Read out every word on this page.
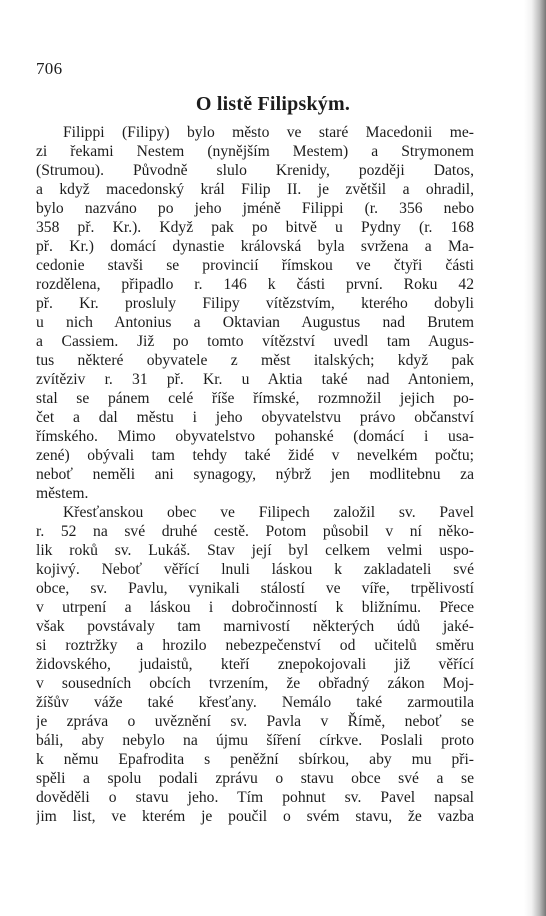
706
O listě Filipským.
Filippi (Filipy) bylo město ve staré Macedonii me-
zi řekami Nestem (nynějším Mestem) a Strymonem
(Strumou). Původně slulo Krenidy, později Datos,
a když macedonský král Filip II. je zvětšil a ohradil,
bylo nazváno po jeho jméně Filippi (r. 356 nebo
358 př. Kr.). Když pak po bitvě u Pydny (r. 168
př. Kr.) domácí dynastie královská byla svržena a Ma-
cedonie stavši se provincií římskou ve čtyři části
rozdělena, připadlo r. 146 k části první. Roku 42
př. Kr. prosluly Filipy vítězstvím, kterého dobyli
u nich Antonius a Oktavian Augustus nad Brutem
a Cassiem. Již po tomto vítězství uvedl tam Augus-
tus některé obyvatele z měst italských; když pak
zvítěziv r. 31 př. Kr. u Aktia také nad Antoniem,
stal se pánem celé říše římské, rozmnožil jejich po-
čet a dal městu i jeho obyvatelstvu právo občanství
římského. Mimo obyvatelstvo pohanské (domácí i usa-
zené) obývali tam tehdy také židé v nevelkém počtu;
neboť neměli ani synagogy, nýbrž jen modlitebnu za
městem.
Křesťanskou obec ve Filipech založil sv. Pavel
r. 52 na své druhé cestě. Potom působil v ní něko-
lik roků sv. Lukáš. Stav její byl celkem velmi uspo-
kojivý. Neboť věřící lnuli láskou k zakladateli své
obce, sv. Pavlu, vynikali stálostí ve víře, trpělivostí
v utrpení a láskou i dobročinností k bližnímu. Přece
však povstávaly tam marnivostí některých údů jaké-
si roztržky a hrozilo nebezpečenství od učitelů směru
židovského, judaistů, kteří znepokojovali již věřící
v sousedních obcích tvrzením, že obřadný zákon Moj-
žíšův váže také křesťany. Nemálo také zarmoutila
je zpráva o uvěznění sv. Pavla v Římě, neboť se
báli, aby nebylo na újmu šíření církve. Poslali proto
k němu Epafrodita s peněžní sbírkou, aby mu při-
spěli a spolu podali zprávu o stavu obce své a se
dověděli o stavu jeho. Tím pohnut sv. Pavel napsal
jim list, ve kterém je poučil o svém stavu, že vazba
